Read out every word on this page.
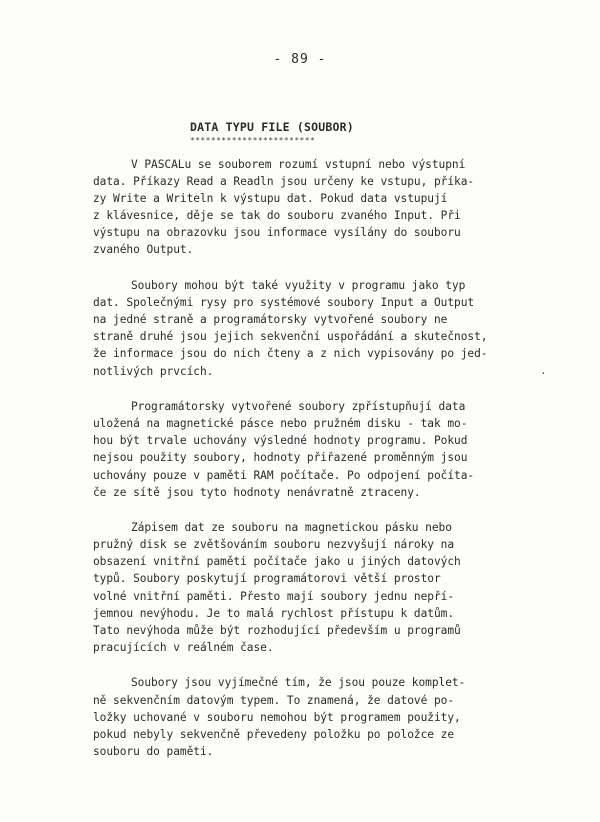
- 89 -
DATA TYPU FILE (SOUBOR)
************************
V PASCALu se souborem rozumí vstupní nebo výstupní
data. Příkazy Read a Readln jsou určeny ke vstupu, příka-
zy Write a Writeln k výstupu dat. Pokud data vstupují
z klávesnice, děje se tak do souboru zvaného Input. Při
výstupu na obrazovku jsou informace vysílány do souboru
zvaného Output.
Soubory mohou být také využity v programu jako typ
dat. Společnými rysy pro systémové soubory Input a Output
na jedné straně a programátorsky vytvořené soubory ne
straně druhé jsou jejich sekvenční uspořádání a skutečnost,
že informace jsou do nich čteny a z nich vypisovány po jed-
notlivých prvcích.
Programátorsky vytvořené soubory zpřístupňují data
uložená na magnetické pásce nebo pružném disku - tak mo-
hou být trvale uchovány výsledné hodnoty programu. Pokud
nejsou použity soubory, hodnoty přiřazené proměnným jsou
uchovány pouze v paměti RAM počítače. Po odpojení počíta-
če ze sítě jsou tyto hodnoty nenávratně ztraceny.
Zápisem dat ze souboru na magnetickou pásku nebo
pružný disk se zvětšováním souboru nezvyšují nároky na
obsazení vnitřní paměti počítače jako u jiných datových
typů. Soubory poskytují programátorovi větší prostor
volné vnitřní paměti. Přesto mají soubory jednu nepří-
jemnou nevýhodu. Je to malá rychlost přístupu k datům.
Tato nevýhoda může být rozhodující především u programů
pracujících v reálném čase.
Soubory jsou vyjímečné tím, že jsou pouze komplet-
ně sekvenčním datovým typem. To znamená, že datové po-
ložky uchované v souboru nemohou být programem použity,
pokud nebyly sekvenčně převedeny položku po položce ze
souboru do paměti.
.
